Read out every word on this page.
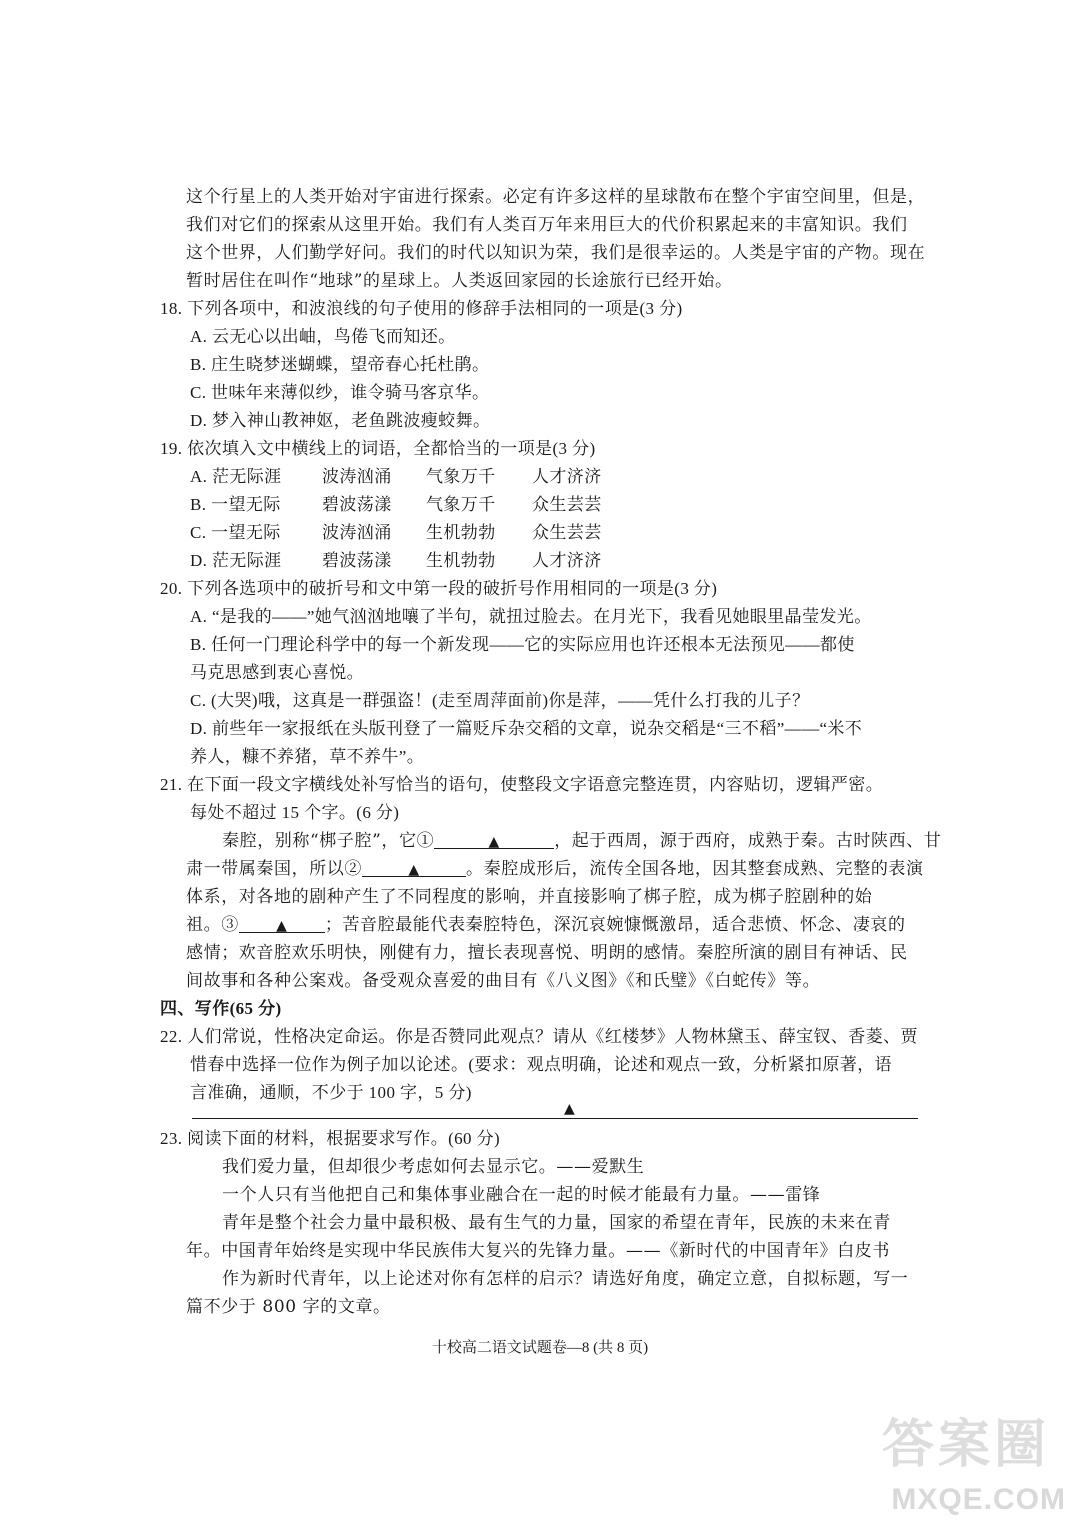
这个行星上的人类开始对宇宙进行探索。必定有许多这样的星球散布在整个宇宙空间里，但是，
我们对它们的探索从这里开始。我们有人类百万年来用巨大的代价积累起来的丰富知识。我们
这个世界，人们勤学好问。我们的时代以知识为荣，我们是很幸运的。人类是宇宙的产物。现在
暂时居住在叫作“地球”的星球上。人类返回家园的长途旅行已经开始。
18. 下列各项中，和波浪线的句子使用的修辞手法相同的一项是(3 分)
A. 云无心以出岫，鸟倦飞而知还。
B. 庄生晓梦迷蝴蝶，望帝春心托杜鹃。
C. 世味年来薄似纱，谁令骑马客京华。
D. 梦入神山教神妪，老鱼跳波瘦蛟舞。
19. 依次填入文中横线上的词语，全都恰当的一项是(3 分)
A. 茫无际涯 波涛汹涌 气象万千 人才济济
B. 一望无际 碧波荡漾 气象万千 众生芸芸
C. 一望无际 波涛汹涌 生机勃勃 众生芸芸
D. 茫无际涯 碧波荡漾 生机勃勃 人才济济
20. 下列各选项中的破折号和文中第一段的破折号作用相同的一项是(3 分)
A. “是我的——”她气汹汹地嚷了半句，就扭过脸去。在月光下，我看见她眼里晶莹发光。
B. 任何一门理论科学中的每一个新发现——它的实际应用也许还根本无法预见——都使
马克思感到衷心喜悦。
C. (大哭)哦，这真是一群强盗！(走至周萍面前)你是萍，——凭什么打我的儿子？
D. 前些年一家报纸在头版刊登了一篇贬斥杂交稻的文章，说杂交稻是“三不稻”——“米不
养人，糠不养猪，草不养牛”。
21. 在下面一段文字横线处补写恰当的语句，使整段文字语意完整连贯，内容贴切，逻辑严密。
每处不超过 15 个字。(6 分)
秦腔，别称“梆子腔”，它①	▲	，起于西周，源于西府，成熟于秦。古时陕西、甘
肃一带属秦国，所以②	▲	。秦腔成形后，流传全国各地，因其整套成熟、完整的表演
体系，对各地的剧种产生了不同程度的影响，并直接影响了梆子腔，成为梆子腔剧种的始
祖。③	▲ ；苦音腔最能代表秦腔特色，深沉哀婉慷慨激昂，适合悲愤、怀念、凄哀的
感情；欢音腔欢乐明快，刚健有力，擅长表现喜悦、明朗的感情。秦腔所演的剧目有神话、民
间故事和各种公案戏。备受观众喜爱的曲目有《八义图》《和氏璧》《白蛇传》等。
四、写作(65 分)
22. 人们常说，性格决定命运。你是否赞同此观点？请从《红楼梦》人物林黛玉、薛宝钗、香菱、贾
惜春中选择一位作为例子加以论述。(要求：观点明确，论述和观点一致，分析紧扣原著，语
言准确，通顺，不少于 100 字，5 分)
▲
23. 阅读下面的材料，根据要求写作。(60 分)
我们爱力量，但却很少考虑如何去显示它。——爱默生
一个人只有当他把自己和集体事业融合在一起的时候才能最有力量。——雷锋
青年是整个社会力量中最积极、最有生气的力量，国家的希望在青年，民族的未来在青
年。中国青年始终是实现中华民族伟大复兴的先锋力量。——《新时代的中国青年》白皮书
作为新时代青年，以上论述对你有怎样的启示？请选好角度，确定立意，自拟标题，写一
篇不少于 800 字的文章。
十校高二语文试题卷—8 (共 8 页)
答案圈
MXQE.COM
